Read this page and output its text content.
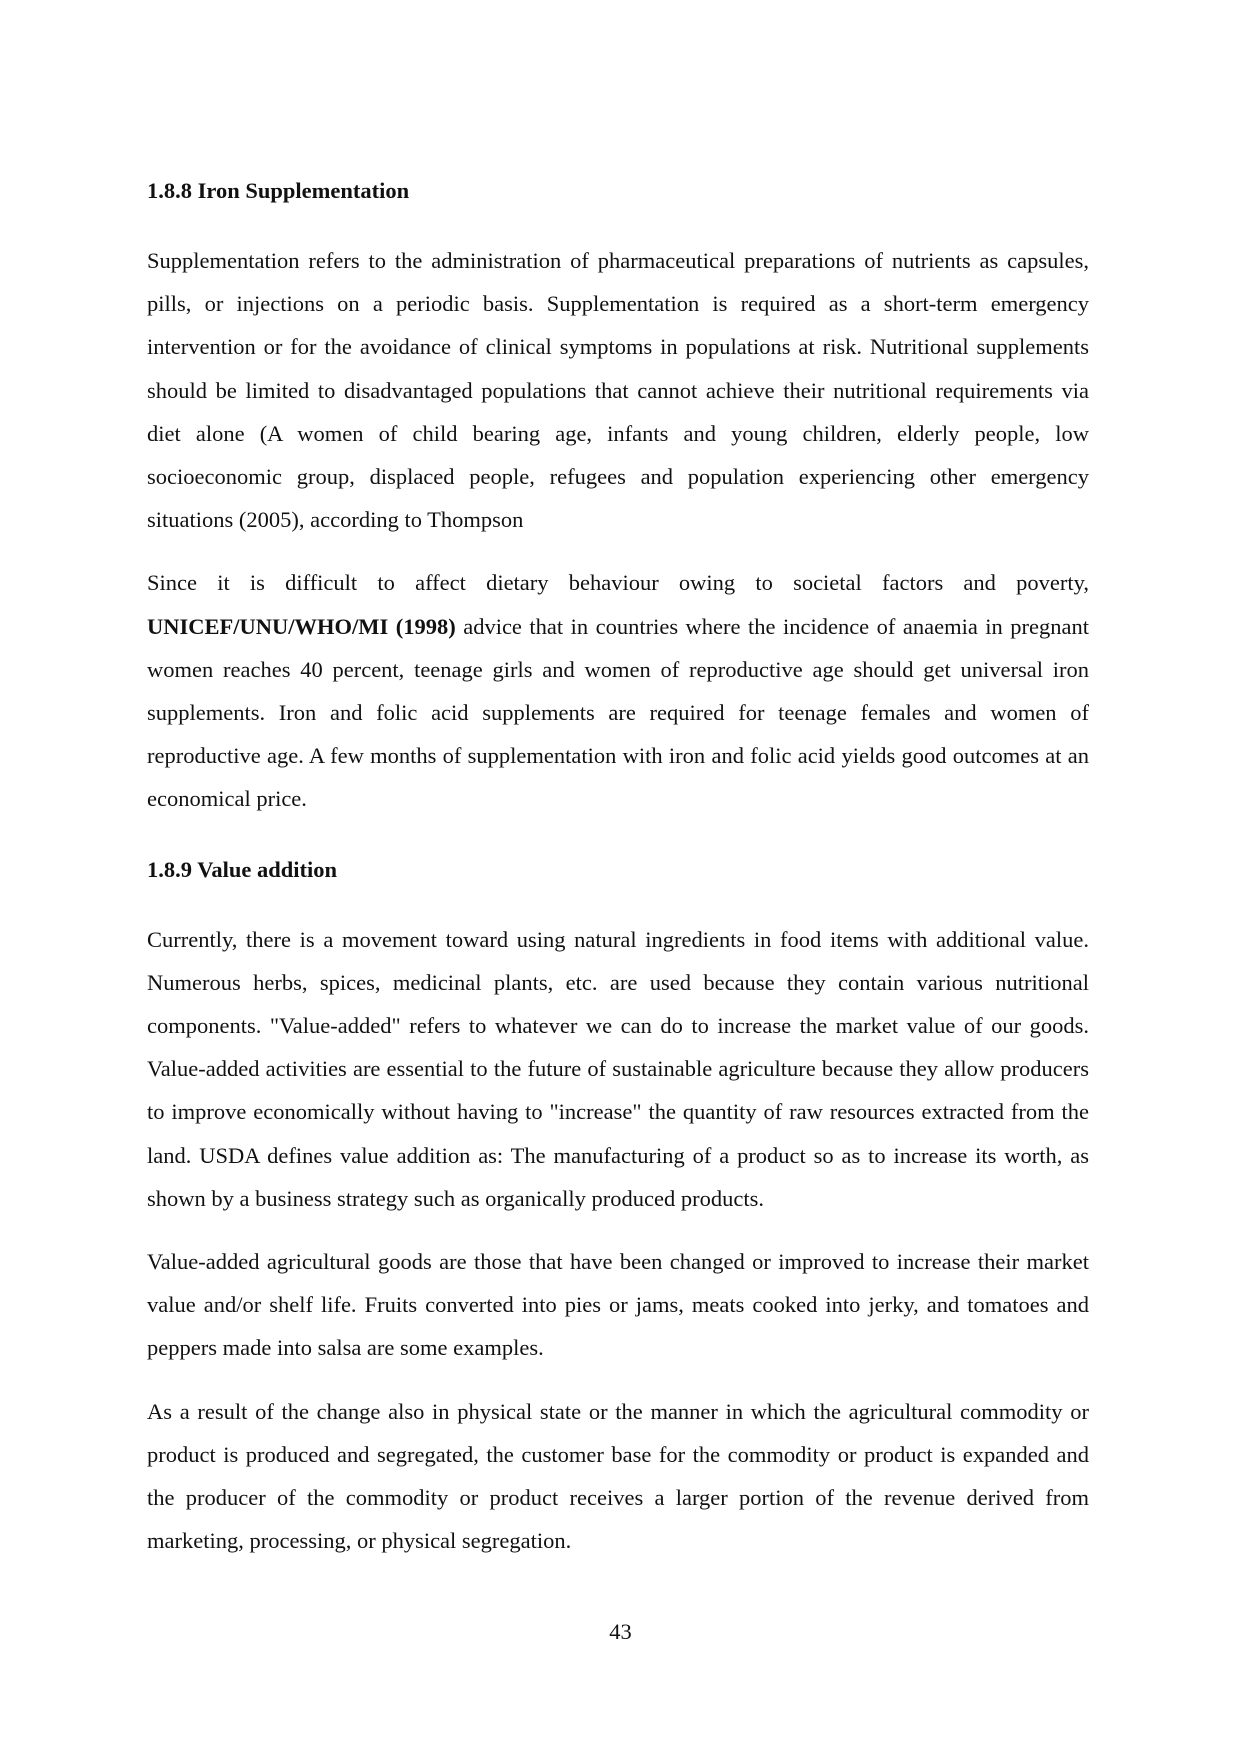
1.8.8 Iron Supplementation

Supplementation refers to the administration of pharmaceutical preparations of nutrients as capsules, pills, or injections on a periodic basis. Supplementation is required as a short-term emergency intervention or for the avoidance of clinical symptoms in populations at risk. Nutritional supplements should be limited to disadvantaged populations that cannot achieve their nutritional requirements via diet alone (A women of child bearing age, infants and young children, elderly people, low socioeconomic group, displaced people, refugees and population experiencing other emergency situations (2005), according to Thompson

Since it is difficult to affect dietary behaviour owing to societal factors and poverty, UNICEF/UNU/WHO/MI (1998) advice that in countries where the incidence of anaemia in pregnant women reaches 40 percent, teenage girls and women of reproductive age should get universal iron supplements. Iron and folic acid supplements are required for teenage females and women of reproductive age. A few months of supplementation with iron and folic acid yields good outcomes at an economical price.

1.8.9 Value addition

Currently, there is a movement toward using natural ingredients in food items with additional value. Numerous herbs, spices, medicinal plants, etc. are used because they contain various nutritional components. "Value-added" refers to whatever we can do to increase the market value of our goods. Value-added activities are essential to the future of sustainable agriculture because they allow producers to improve economically without having to "increase" the quantity of raw resources extracted from the land. USDA defines value addition as: The manufacturing of a product so as to increase its worth, as shown by a business strategy such as organically produced products.

Value-added agricultural goods are those that have been changed or improved to increase their market value and/or shelf life. Fruits converted into pies or jams, meats cooked into jerky, and tomatoes and peppers made into salsa are some examples.

As a result of the change also in physical state or the manner in which the agricultural commodity or product is produced and segregated, the customer base for the commodity or product is expanded and the producer of the commodity or product receives a larger portion of the revenue derived from marketing, processing, or physical segregation.

43
